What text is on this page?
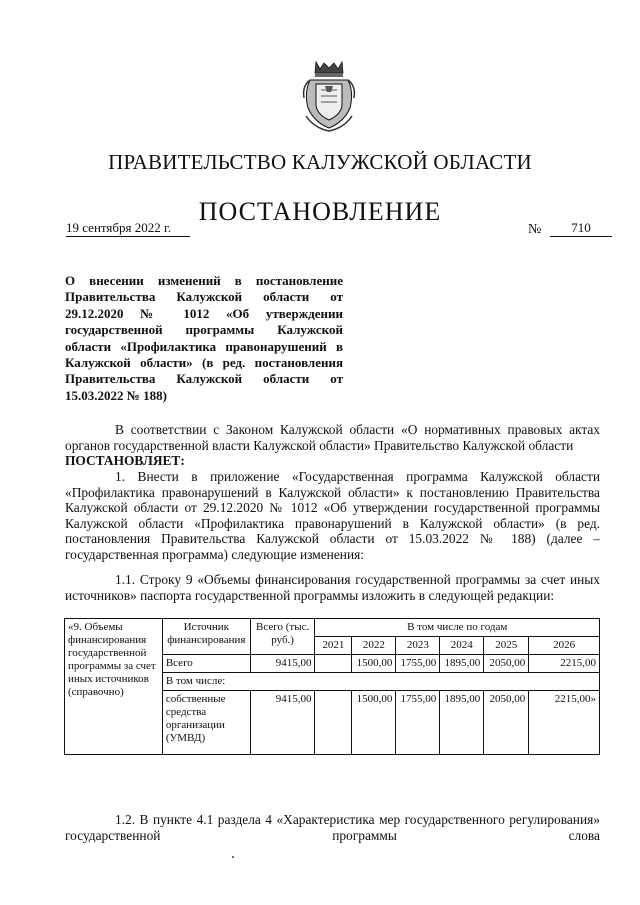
ПРАВИТЕЛЬСТВО КАЛУЖСКОЙ ОБЛАСТИ
ПОСТАНОВЛЕНИЕ
19 сентября 2022 г.	№	710
О внесении изменений в постановление Правительства Калужской области от 29.12.2020 № 1012 «Об утверждении государственной программы Калужской области «Профилактика правонарушений в Калужской области» (в ред. постановления Правительства Калужской области от 15.03.2022 № 188)
В соответствии с Законом Калужской области «О нормативных правовых актах органов государственной власти Калужской области» Правительство Калужской области
ПОСТАНОВЛЯЕТ:
1. Внести в приложение «Государственная программа Калужской области «Профилактика правонарушений в Калужской области» к постановлению Правительства Калужской области от 29.12.2020 № 1012 «Об утверждении государственной программы Калужской области «Профилактика правонарушений в Калужской области» (в ред. постановления Правительства Калужской области от 15.03.2022 № 188) (далее – государственная программа) следующие изменения:
1.1. Строку 9 «Объемы финансирования государственной программы за счет иных источников» паспорта государственной программы изложить в следующей редакции:
«9. Объемы финансирования государственной программы за счет иных источников (справочно)	Источник финансирования	Всего (тыс. руб.)	В том числе по годам					
			2021	2022	2023	2024	2025	2026
	Всего	9415,00		1500,00	1755,00	1895,00	2050,00	2215,00
	В том числе:							
	собственные средства организации (УМВД)	9415,00		1500,00	1755,00	1895,00	2050,00	2215,00»
1.2. В пункте 4.1 раздела 4 «Характеристика мер государственного регулирования» государственной программы слова
